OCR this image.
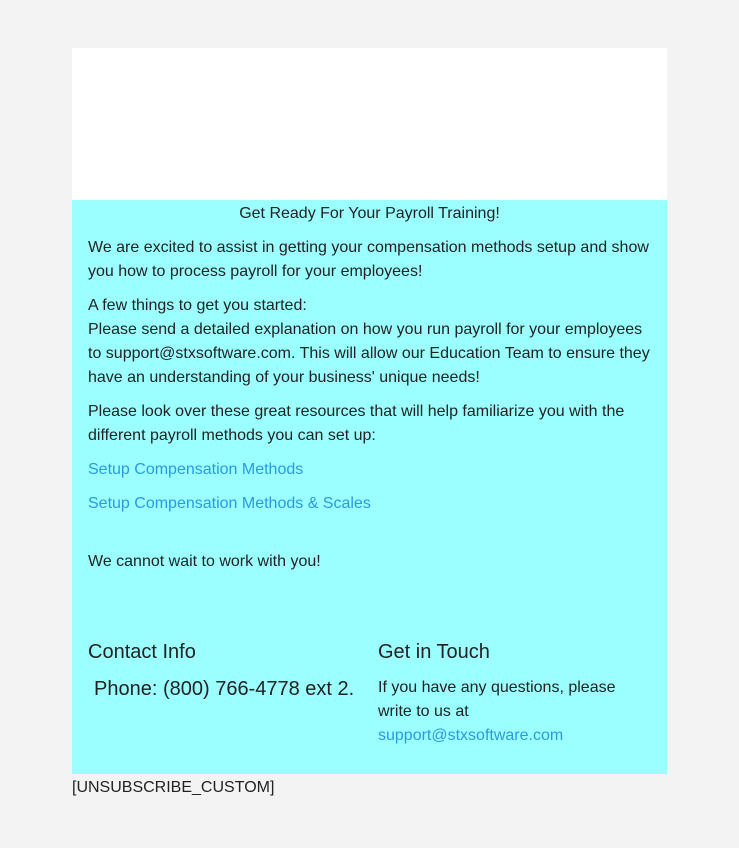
Get Ready For Your Payroll Training!

We are excited to assist in getting your compensation methods setup and show you how to process payroll for your employees!

A few things to get you started:
Please send a detailed explanation on how you run payroll for your employees to support@stxsoftware.com. This will allow our Education Team to ensure they have an understanding of your business' unique needs!

Please look over these great resources that will help familiarize you with the different payroll methods you can set up:

Setup Compensation Methods
Setup Compensation Methods & Scales

We cannot wait to work with you!

Contact Info
Phone: (800) 766-4778 ext 2.
Get in Touch

If you have any questions, please
write to us at
support@stxsoftware.com

[UNSUBSCRIBE_CUSTOM]
